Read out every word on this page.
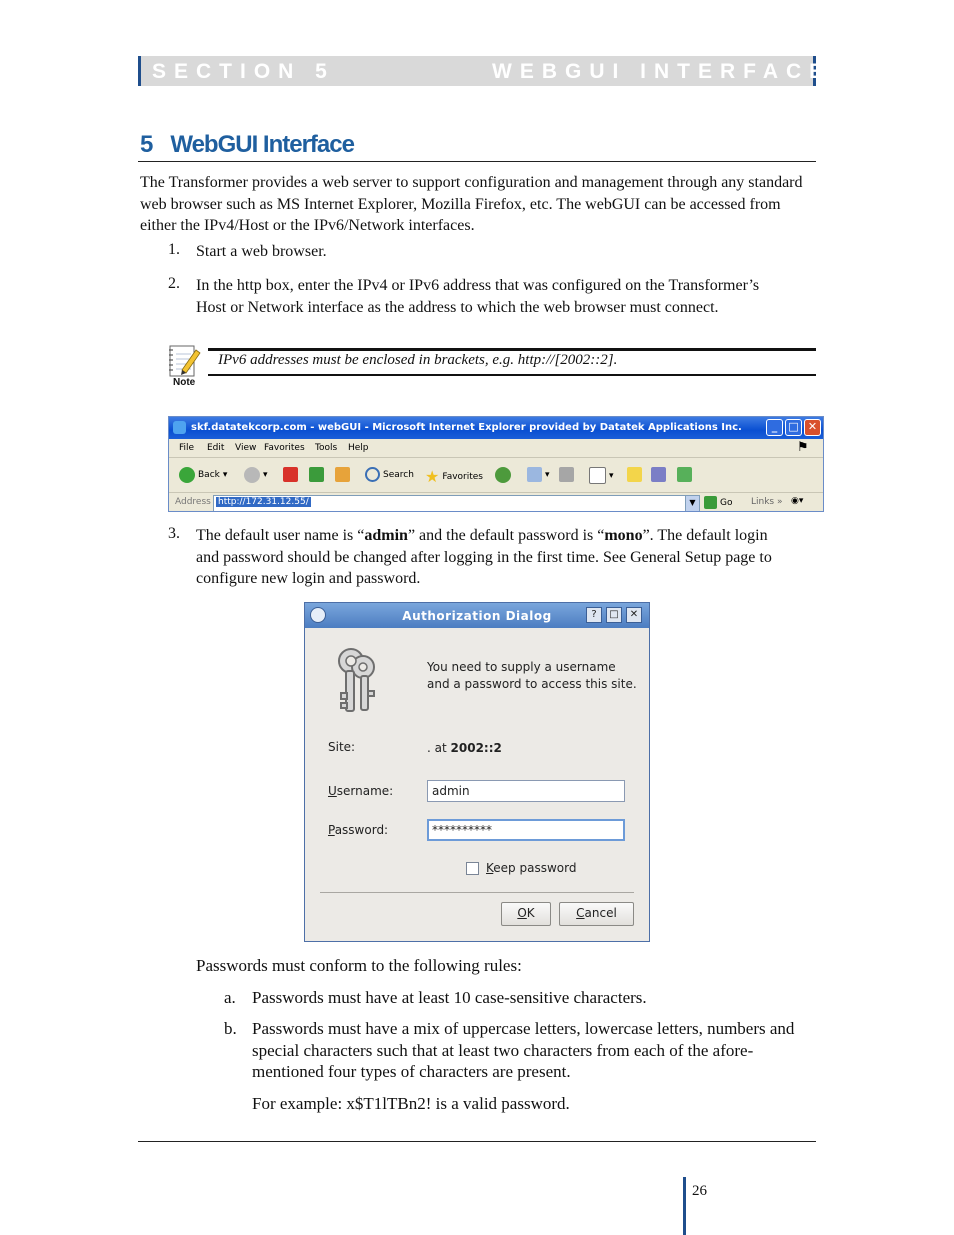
SECTION 5	WEBGUI INTERFACE
5 WebGUI Interface
The Transformer provides a web server to support configuration and management through any standard web browser such as MS Internet Explorer, Mozilla Firefox, etc. The webGUI can be accessed from either the IPv4/Host or the IPv6/Network interfaces.
1. Start a web browser.
2. In the http box, enter the IPv4 or IPv6 address that was configured on the Transformer’s Host or Network interface as the address to which the web browser must connect.
Note
IPv6 addresses must be enclosed in brackets, e.g. http://[2002::2].
skf.datatekcorp.com - webGUI - Microsoft Internet Explorer provided by Datatek Applications Inc.	_	□ ✕
File Edit View Favorites Tools Help	⚑
Back ▾	▾	Search ★ Favorites	▾	▾
Address http://172.31.12.55/	▼	Go Links » ◉▾
3. The default user name is “admin” and the default password is “mono”. The default login and password should be changed after logging in the first time. See General Setup page to configure new login and password.
Authorization Dialog	?	□	✕
You need to supply a username and a password to access this site.
Site:	. at 2002::2
Username:	admin
Password:	**********
Keep password
OK	Cancel
Passwords must conform to the following rules:
a. Passwords must have at least 10 case-sensitive characters.
b. Passwords must have a mix of uppercase letters, lowercase letters, numbers and special characters such that at least two characters from each of the afore-mentioned four types of characters are present.
For example: x$T1lTBn2! is a valid password.
26
